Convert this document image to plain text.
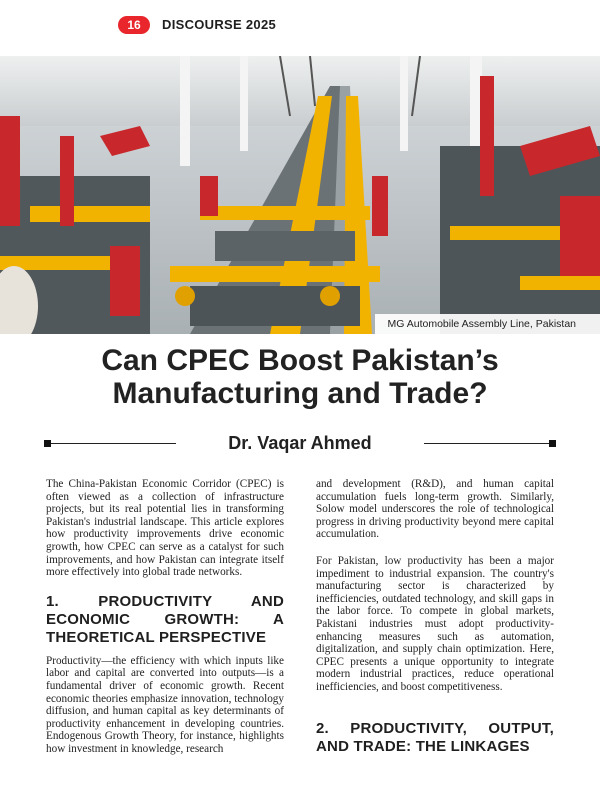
16	DISCOURSE 2025
MG Automobile Assembly Line, Pakistan
Can CPEC Boost Pakistan’s
Manufacturing and Trade?
Dr. Vaqar Ahmed

The China-Pakistan Economic Corridor (CPEC) is often viewed as a collection of infrastructure projects, but its real potential lies in transforming Pakistan's industrial landscape. This article explores how productivity improvements drive economic growth, how CPEC can serve as a catalyst for such improvements, and how Pakistan can integrate itself more effectively into global trade networks.

1. PRODUCTIVITY AND ECONOMIC GROWTH: A THEORETICAL PERSPECTIVE

Productivity—the efficiency with which inputs like labor and capital are converted into outputs—is a fundamental driver of economic growth. Recent economic theories emphasize innovation, technology diffusion, and human capital as key determinants of productivity enhancement in developing countries. Endogenous Growth Theory, for instance, highlights how investment in knowledge, research

and development (R&D), and human capital accumulation fuels long-term growth. Similarly, Solow model underscores the role of technological progress in driving productivity beyond mere capital accumulation.

For Pakistan, low productivity has been a major impediment to industrial expansion. The country's manufacturing sector is characterized by inefficiencies, outdated technology, and skill gaps in the labor force. To compete in global markets, Pakistani industries must adopt productivity-enhancing measures such as automation, digitalization, and supply chain optimization. Here, CPEC presents a unique opportunity to integrate modern industrial practices, reduce operational inefficiencies, and boost competitiveness.

2. PRODUCTIVITY, OUTPUT, AND TRADE: THE LINKAGES
